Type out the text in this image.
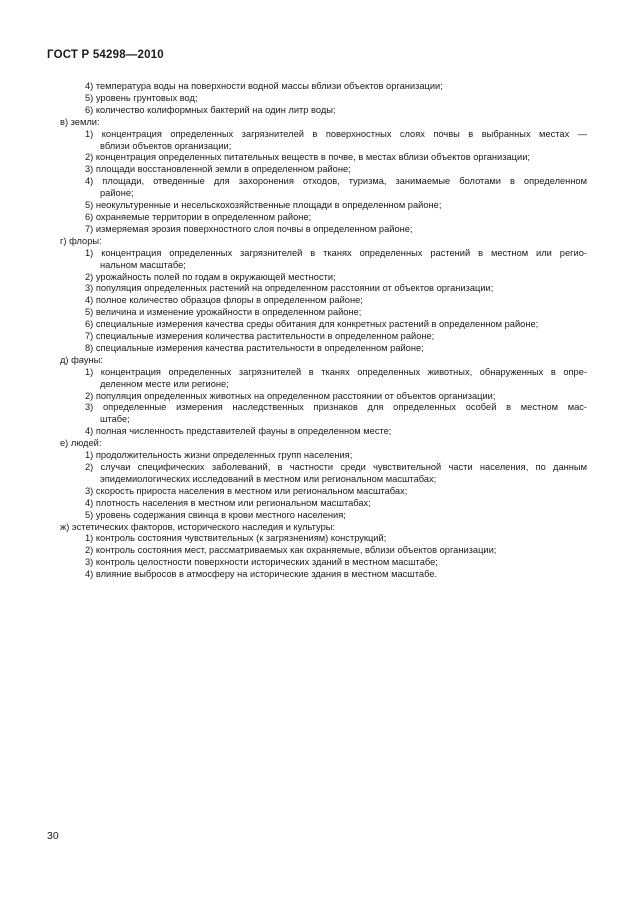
ГОСТ Р 54298—2010
4) температура воды на поверхности водной массы вблизи объектов организации;
5) уровень грунтовых вод;
6) количество колиформных бактерий на один литр воды;
в) земли:
1) концентрация определенных загрязнителей в поверхностных слоях почвы в выбранных местах —
вблизи объектов организации;
2) концентрация определенных питательных веществ в почве, в местах вблизи объектов организации;
3) площади восстановленной земли в определенном районе;
4) площади, отведенные для захоронения отходов, туризма, занимаемые болотами в определенном
районе;
5) неокультуренные и несельскохозяйственные площади в определенном районе;
6) охраняемые территории в определенном районе;
7) измеряемая эрозия поверхностного слоя почвы в определенном районе;
г) флоры:
1) концентрация определенных загрязнителей в тканях определенных растений в местном или регио-
нальном масштабе;
2) урожайность полей по годам в окружающей местности;
3) популяция определенных растений на определенном расстоянии от объектов организации;
4) полное количество образцов флоры в определенном районе;
5) величина и изменение урожайности в определенном районе;
6) специальные измерения качества среды обитания для конкретных растений в определенном районе;
7) специальные измерения количества растительности в определенном районе;
8) специальные измерения качества растительности в определенном районе;
д) фауны:
1) концентрация определенных загрязнителей в тканях определенных животных, обнаруженных в опре-
деленном месте или регионе;
2) популяция определенных животных на определенном расстоянии от объектов организации;
3) определенные измерения наследственных признаков для определенных особей в местном мас-
штабе;
4) полная численность представителей фауны в определенном месте;
е) людей:
1) продолжительность жизни определенных групп населения;
2) случаи специфических заболеваний, в частности среди чувствительной части населения, по данным
эпидемиологических исследований в местном или региональном масштабах;
3) скорость прироста населения в местном или региональном масштабах;
4) плотность населения в местном или региональном масштабах;
5) уровень содержания свинца в крови местного населения;
ж) эстетических факторов, исторического наследия и культуры:
1) контроль состояния чувствительных (к загрязнениям) конструкций;
2) контроль состояния мест, рассматриваемых как охраняемые, вблизи объектов организации;
3) контроль целостности поверхности исторических зданий в местном масштабе;
4) влияние выбросов в атмосферу на исторические здания в местном масштабе.
30
